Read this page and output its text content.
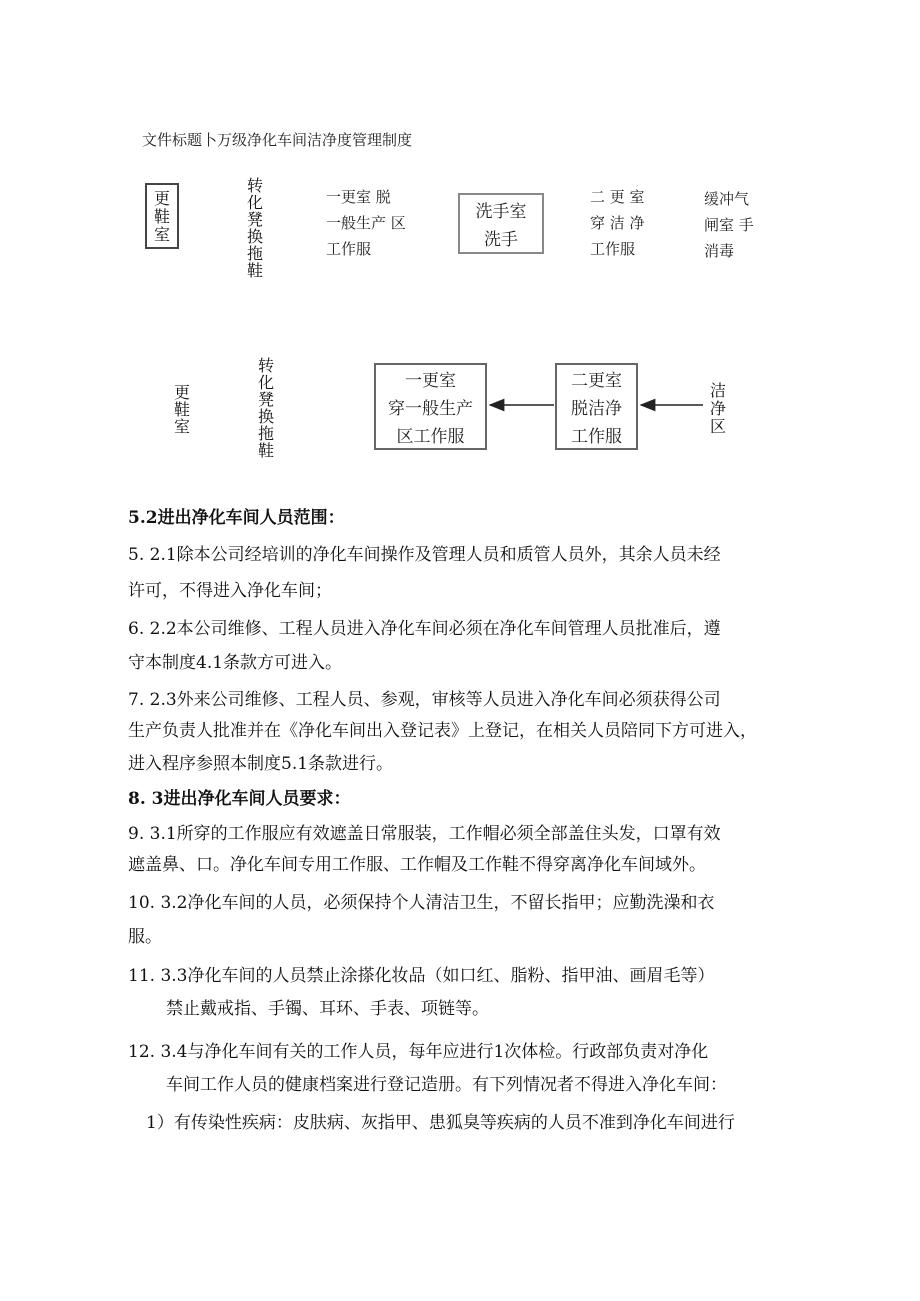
文件标题卜万级净化车间洁净度管理制度
更
鞋
室
转
化
凳
换
拖
鞋
一更室 脱
一般生产 区
工作服
洗手室
洗手
二 更 室
穿 洁 净
工作服
缓冲气
闸室 手
消毒
更
鞋
室
转
化
凳
换
拖
鞋
一更室
穿一般生产
区工作服
二更室
脱洁净
工作服
洁
净
区
5.2进出净化车间人员范围：
5. 2.1除本公司经培训的净化车间操作及管理人员和质管人员外，其余人员未经
许可，不得进入净化车间；
6. 2.2本公司维修、工程人员进入净化车间必须在净化车间管理人员批准后，遵
守本制度4.1条款方可进入。
7. 2.3外来公司维修、工程人员、参观，审核等人员进入净化车间必须获得公司
生产负责人批准并在《净化车间出入登记表》上登记，在相关人员陪同下方可进入，
进入程序参照本制度5.1条款进行。
8. 3进出净化车间人员要求：
9. 3.1所穿的工作服应有效遮盖日常服装，工作帽必须全部盖住头发，口罩有效
遮盖鼻、口。净化车间专用工作服、工作帽及工作鞋不得穿离净化车间域外。
10. 3.2净化车间的人员，必须保持个人清洁卫生，不留长指甲；应勤洗澡和衣
服。
11. 3.3净化车间的人员禁止涂搽化妆品（如口红、脂粉、指甲油、画眉毛等）
禁止戴戒指、手镯、耳环、手表、项链等。
12. 3.4与净化车间有关的工作人员，每年应进行1次体检。行政部负责对净化
车间工作人员的健康档案进行登记造册。有下列情况者不得进入净化车间：
1）有传染性疾病：皮肤病、灰指甲、患狐臭等疾病的人员不准到净化车间进行
